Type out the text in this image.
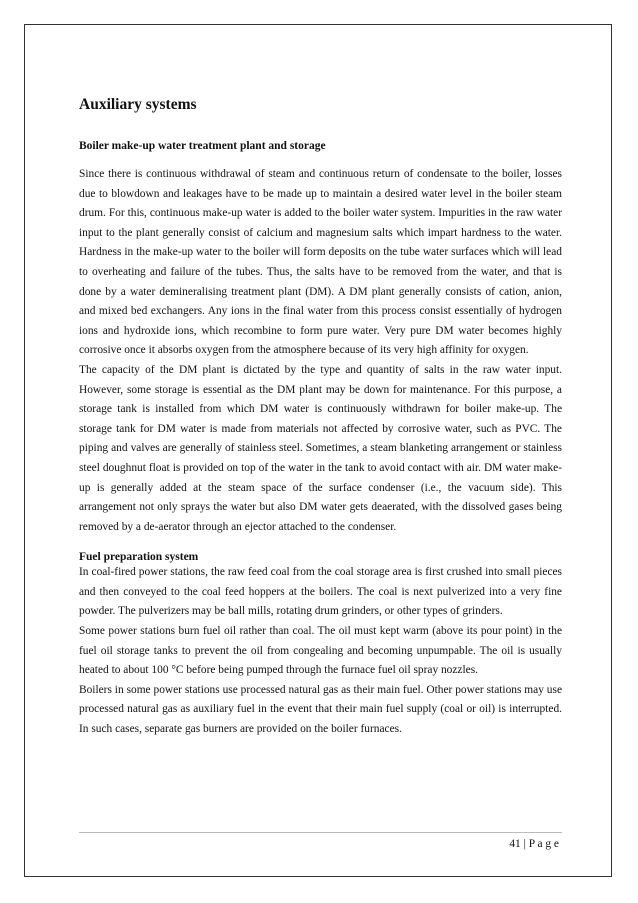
Auxiliary systems
Boiler make-up water treatment plant and storage

Since there is continuous withdrawal of steam and continuous return of condensate to the boiler, losses due to blowdown and leakages have to be made up to maintain a desired water level in the boiler steam drum. For this, continuous make-up water is added to the boiler water system. Impurities in the raw water input to the plant generally consist of calcium and magnesium salts which impart hardness to the water. Hardness in the make-up water to the boiler will form deposits on the tube water surfaces which will lead to overheating and failure of the tubes. Thus, the salts have to be removed from the water, and that is done by a water demineralising treatment plant (DM). A DM plant generally consists of cation, anion, and mixed bed exchangers. Any ions in the final water from this process consist essentially of hydrogen ions and hydroxide ions, which recombine to form pure water. Very pure DM water becomes highly corrosive once it absorbs oxygen from the atmosphere because of its very high affinity for oxygen.

The capacity of the DM plant is dictated by the type and quantity of salts in the raw water input. However, some storage is essential as the DM plant may be down for maintenance. For this purpose, a storage tank is installed from which DM water is continuously withdrawn for boiler make-up. The storage tank for DM water is made from materials not affected by corrosive water, such as PVC. The piping and valves are generally of stainless steel. Sometimes, a steam blanketing arrangement or stainless steel doughnut float is provided on top of the water in the tank to avoid contact with air. DM water make-up is generally added at the steam space of the surface condenser (i.e., the vacuum side). This arrangement not only sprays the water but also DM water gets deaerated, with the dissolved gases being removed by a de-aerator through an ejector attached to the condenser.

Fuel preparation system

In coal-fired power stations, the raw feed coal from the coal storage area is first crushed into small pieces and then conveyed to the coal feed hoppers at the boilers. The coal is next pulverized into a very fine powder. The pulverizers may be ball mills, rotating drum grinders, or other types of grinders.

Some power stations burn fuel oil rather than coal. The oil must kept warm (above its pour point) in the fuel oil storage tanks to prevent the oil from congealing and becoming unpumpable. The oil is usually heated to about 100 °C before being pumped through the furnace fuel oil spray nozzles.

Boilers in some power stations use processed natural gas as their main fuel. Other power stations may use processed natural gas as auxiliary fuel in the event that their main fuel supply (coal or oil) is interrupted. In such cases, separate gas burners are provided on the boiler furnaces.

41 | P a g e
